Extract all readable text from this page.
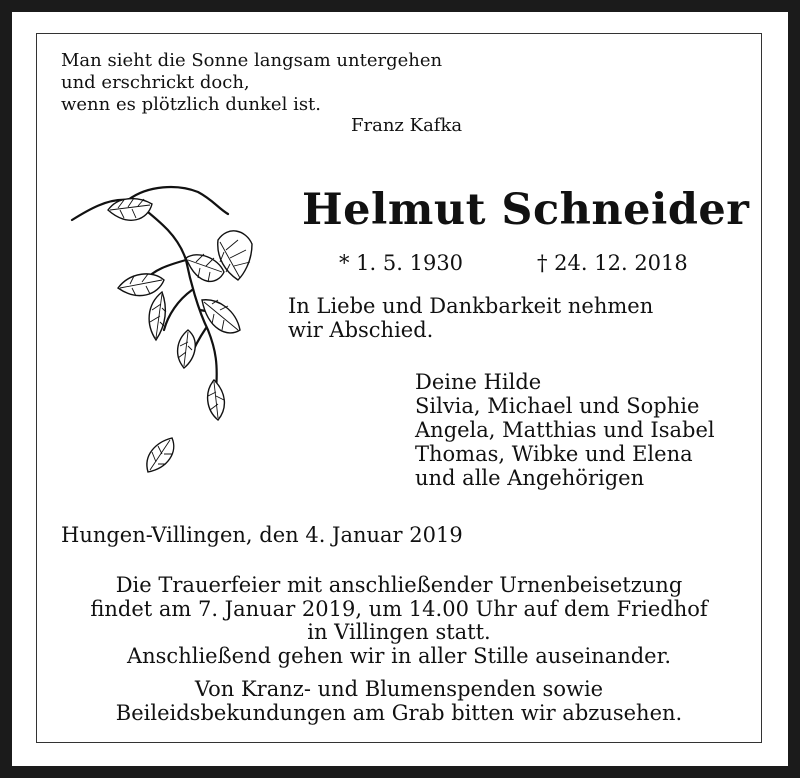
Man sieht die Sonne langsam untergehen
und erschrickt doch,
wenn es plötzlich dunkel ist.
Franz Kafka
Helmut Schneider
* 1. 5. 1930	† 24. 12. 2018
In Liebe und Dankbarkeit nehmen
wir Abschied.
Deine Hilde
Silvia, Michael und Sophie
Angela, Matthias und Isabel
Thomas, Wibke und Elena
und alle Angehörigen
Hungen-Villingen, den 4. Januar 2019
Die Trauerfeier mit anschließender Urnenbeisetzung
findet am 7. Januar 2019, um 14.00 Uhr auf dem Friedhof
in Villingen statt.
Anschließend gehen wir in aller Stille auseinander.
Von Kranz- und Blumenspenden sowie
Beileidsbekundungen am Grab bitten wir abzusehen.
